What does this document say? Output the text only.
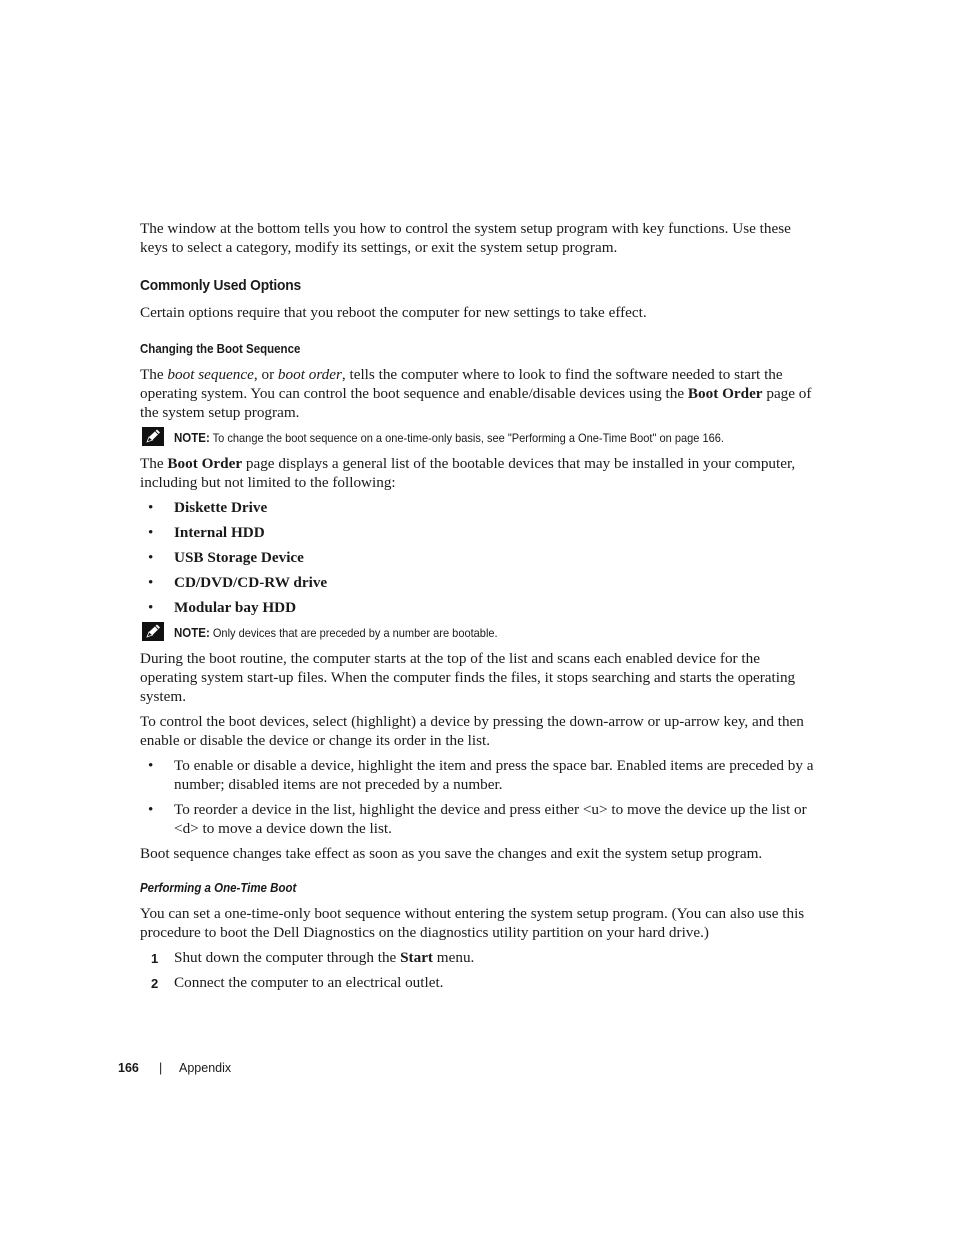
The window at the bottom tells you how to control the system setup program with key functions. Use these keys to select a category, modify its settings, or exit the system setup program.

Commonly Used Options

Certain options require that you reboot the computer for new settings to take effect.

Changing the Boot Sequence

The boot sequence, or boot order, tells the computer where to look to find the software needed to start the operating system. You can control the boot sequence and enable/disable devices using the Boot Order page of the system setup program.

NOTE: To change the boot sequence on a one-time-only basis, see "Performing a One-Time Boot" on page 166.

The Boot Order page displays a general list of the bootable devices that may be installed in your computer, including but not limited to the following:

• Diskette Drive
• Internal HDD
• USB Storage Device
• CD/DVD/CD-RW drive
• Modular bay HDD
NOTE: Only devices that are preceded by a number are bootable.

During the boot routine, the computer starts at the top of the list and scans each enabled device for the operating system start-up files. When the computer finds the files, it stops searching and starts the operating system.

To control the boot devices, select (highlight) a device by pressing the down-arrow or up-arrow key, and then enable or disable the device or change its order in the list.

• To enable or disable a device, highlight the item and press the space bar. Enabled items are preceded by a number; disabled items are not preceded by a number.
• To reorder a device in the list, highlight the device and press either <u> to move the device up the list or <d> to move a device down the list.

Boot sequence changes take effect as soon as you save the changes and exit the system setup program.

Performing a One-Time Boot

You can set a one-time-only boot sequence without entering the system setup program. (You can also use this procedure to boot the Dell Diagnostics on the diagnostics utility partition on your hard drive.)

1 Shut down the computer through the Start menu.
2 Connect the computer to an electrical outlet.
166 | Appendix
